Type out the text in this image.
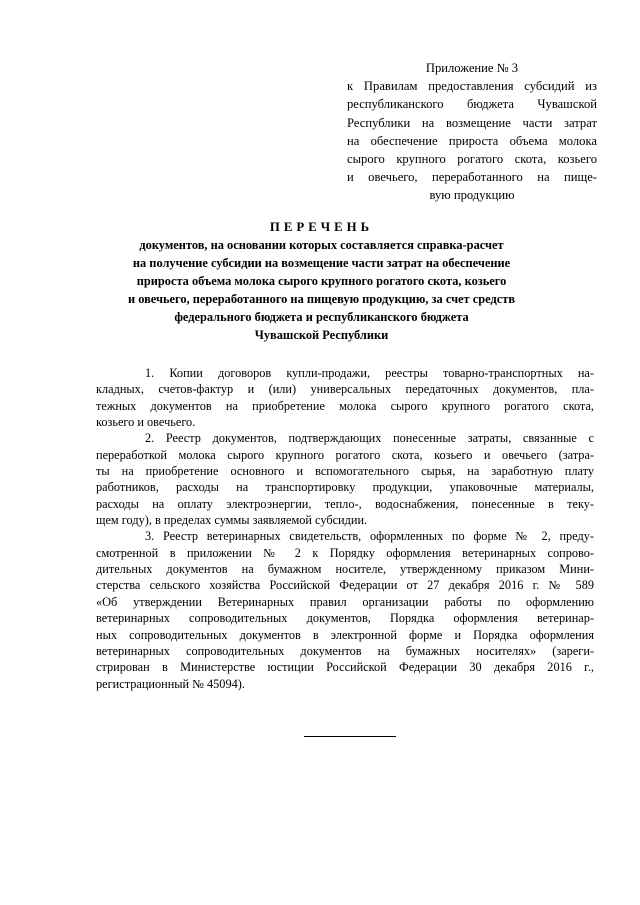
Приложение № 3
к Правилам предоставления субсидий из
республиканского бюджета Чувашской
Республики на возмещение части затрат
на обеспечение прироста объема молока
сырого крупного рогатого скота, козьего
и овечьего, переработанного на пище-
вую продукцию
ПЕРЕЧЕНЬ
документов, на основании которых составляется справка-расчет
на получение субсидии на возмещение части затрат на обеспечение
прироста объема молока сырого крупного рогатого скота, козьего
и овечьего, переработанного на пищевую продукцию, за счет средств
федерального бюджета и республиканского бюджета
Чувашской Республики
1. Копии договоров купли-продажи, реестры товарно-транспортных на-
кладных, счетов-фактур и (или) универсальных передаточных документов, пла-
тежных документов на приобретение молока сырого крупного рогатого скота,
козьего и овечьего.
2. Реестр документов, подтверждающих понесенные затраты, связанные с
переработкой молока сырого крупного рогатого скота, козьего и овечьего (затра-
ты на приобретение основного и вспомогательного сырья, на заработную плату
работников, расходы на транспортировку продукции, упаковочные материалы,
расходы на оплату электроэнергии, тепло-, водоснабжения, понесенные в теку-
щем году), в пределах суммы заявляемой субсидии.
3. Реестр ветеринарных свидетельств, оформленных по форме № 2, преду-
смотренной в приложении № 2 к Порядку оформления ветеринарных сопрово-
дительных документов на бумажном носителе, утвержденному приказом Мини-
стерства сельского хозяйства Российской Федерации от 27 декабря 2016 г. № 589
«Об утверждении Ветеринарных правил организации работы по оформлению
ветеринарных сопроводительных документов, Порядка оформления ветеринар-
ных сопроводительных документов в электронной форме и Порядка оформления
ветеринарных сопроводительных документов на бумажных носителях» (зареги-
стрирован в Министерстве юстиции Российской Федерации 30 декабря 2016 г.,
регистрационный № 45094).
